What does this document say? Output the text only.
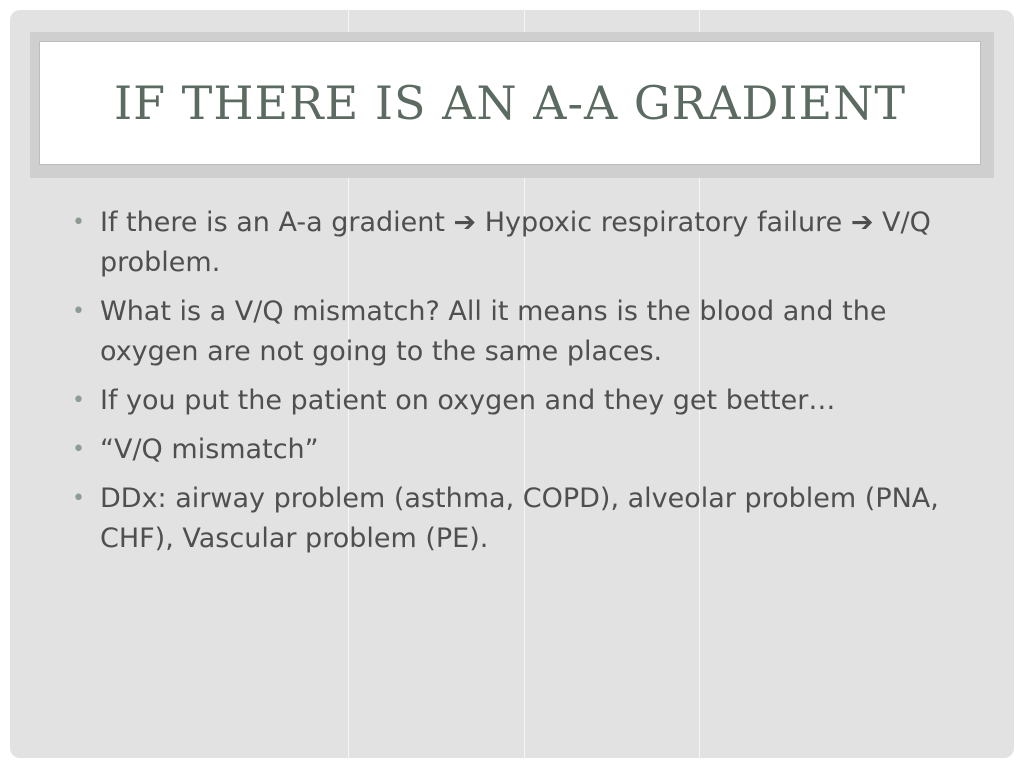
IF THERE IS AN A-A GRADIENT
• If there is an A-a gradient ➔ Hypoxic respiratory failure ➔ V/Q problem.
• What is a V/Q mismatch? All it means is the blood and the oxygen are not going to the same places.
• If you put the patient on oxygen and they get better…
• “V/Q mismatch”
• DDx: airway problem (asthma, COPD), alveolar problem (PNA, CHF), Vascular problem (PE).
